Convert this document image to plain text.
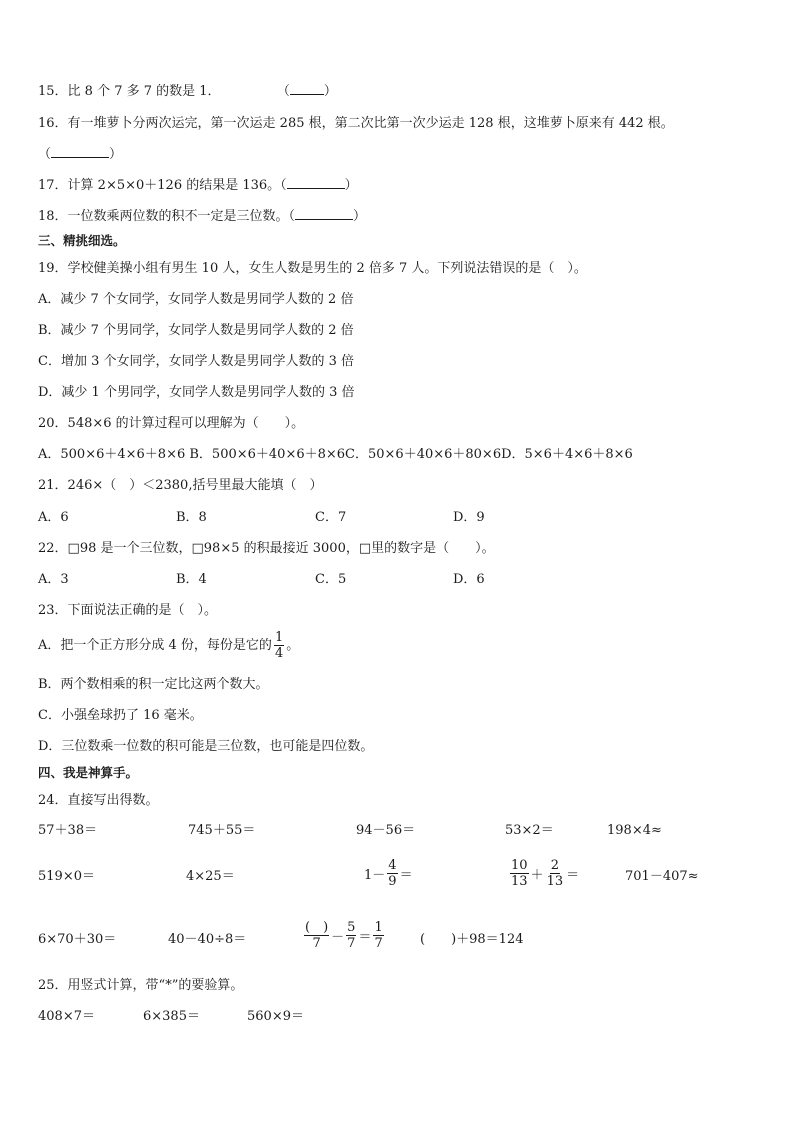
15．比 8 个 7 多 7 的数是 1．	（	）
16．有一堆萝卜分两次运完，第一次运走 285 根，第二次比第一次少运走 128 根，这堆萝卜原来有 442 根。
（	）
17．计算 2×5×0＋126 的结果是 136。（	）
18．一位数乘两位数的积不一定是三位数。（	）
三、精挑细选。
19．学校健美操小组有男生 10 人，女生人数是男生的 2 倍多 7 人。下列说法错误的是（　）。
A．减少 7 个女同学，女同学人数是男同学人数的 2 倍
B．减少 7 个男同学，女同学人数是男同学人数的 2 倍
C．增加 3 个女同学，女同学人数是男同学人数的 3 倍
D．减少 1 个男同学，女同学人数是男同学人数的 3 倍
20．548×6 的计算过程可以理解为（　　）。
A．500×6＋4×6＋8×6 B．500×6＋40×6＋8×6C．50×6＋40×6＋80×6D．5×6＋4×6＋8×6
21．246×（　）＜2380,括号里最大能填（　）
A．6	B．8	C．7	D．9
22．□98 是一个三位数，□98×5 的积最接近 3000，□里的数字是（　　）。
A．3	B．4	C．5	D．6
23．下面说法正确的是（　）。
A．把一个正方形分成 4 份，每份是它的 $\frac{1}{4}$ 。
B．两个数相乘的积一定比这两个数大。
C．小强垒球扔了 16 毫米。
D．三位数乘一位数的积可能是三位数，也可能是四位数。
四、我是神算手。
24．直接写出得数。
57＋38＝	745＋55＝	94－56＝	53×2＝	198×4≈
519×0＝	4×25＝	$1- \frac{4}{9}$ ＝	$\frac{10}{13} + \frac{2}{13}$ ＝	701－407≈
6×70＋30＝	40－40÷8＝	$\frac{( )}{7} - \frac{5}{7} = \frac{1}{7}$	(　　)＋98＝124
25．用竖式计算，带“*”的要验算。
408×7＝	6×385＝	560×9＝
